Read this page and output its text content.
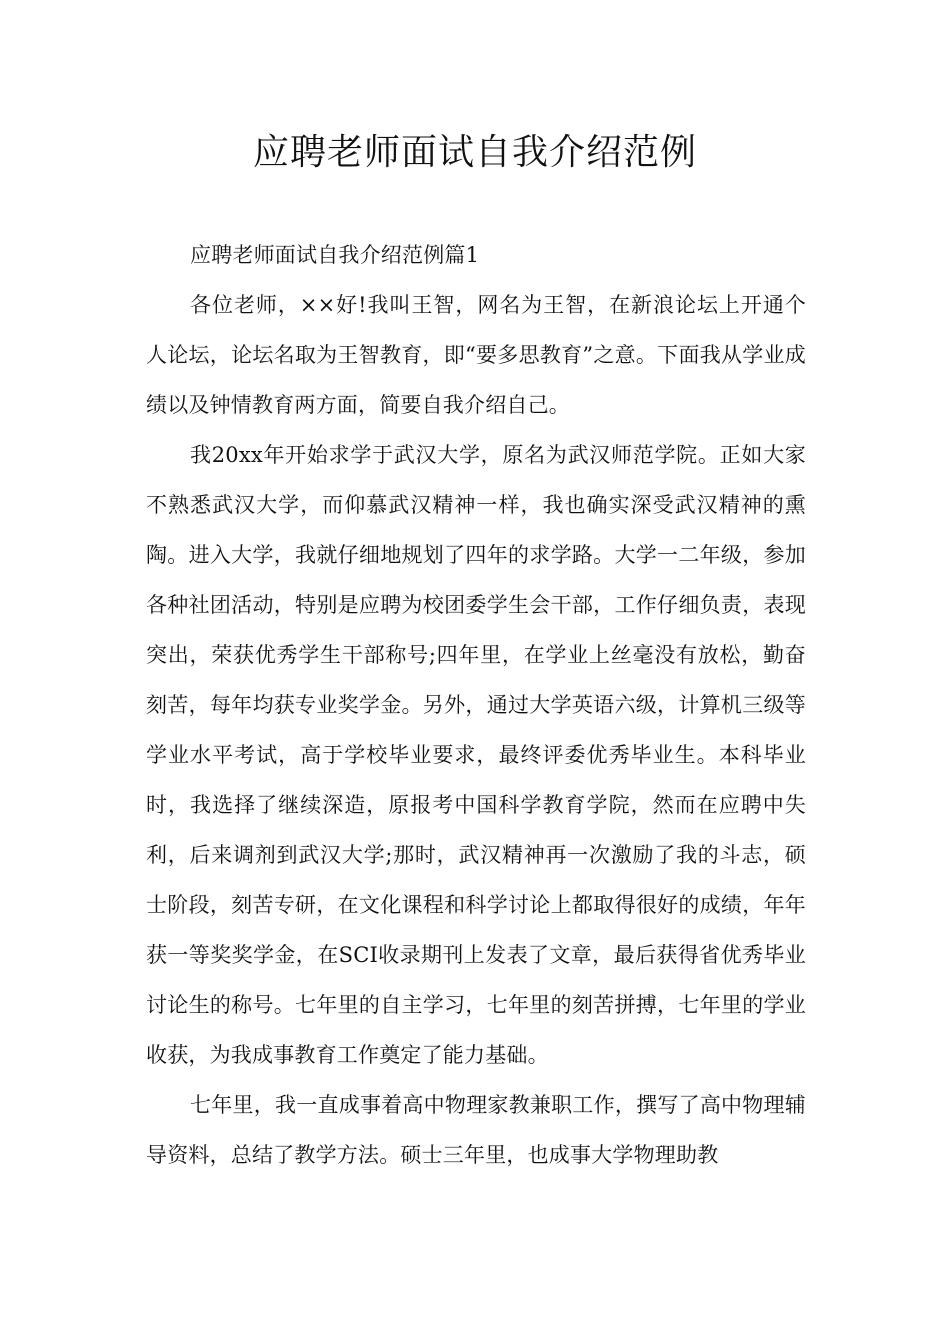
应聘老师面试自我介绍范例

应聘老师面试自我介绍范例篇1

各位老师，××好!我叫王智，网名为王智，在新浪论坛上开通个人论坛，论坛名取为王智教育，即“要多思教育”之意。下面我从学业成绩以及钟情教育两方面，简要自我介绍自己。

我20xx年开始求学于武汉大学，原名为武汉师范学院。正如大家不熟悉武汉大学，而仰慕武汉精神一样，我也确实深受武汉精神的熏陶。进入大学，我就仔细地规划了四年的求学路。大学一二年级，参加各种社团活动，特别是应聘为校团委学生会干部，工作仔细负责，表现突出，荣获优秀学生干部称号;四年里，在学业上丝毫没有放松，勤奋刻苦，每年均获专业奖学金。另外，通过大学英语六级，计算机三级等学业水平考试，高于学校毕业要求，最终评委优秀毕业生。本科毕业时，我选择了继续深造，原报考中国科学教育学院，然而在应聘中失利，后来调剂到武汉大学;那时，武汉精神再一次激励了我的斗志，硕士阶段，刻苦专研，在文化课程和科学讨论上都取得很好的成绩，年年获一等奖奖学金，在SCI收录期刊上发表了文章，最后获得省优秀毕业讨论生的称号。七年里的自主学习，七年里的刻苦拼搏，七年里的学业收获，为我成事教育工作奠定了能力基础。

七年里，我一直成事着高中物理家教兼职工作，撰写了高中物理辅导资料，总结了教学方法。硕士三年里，也成事大学物理助教
